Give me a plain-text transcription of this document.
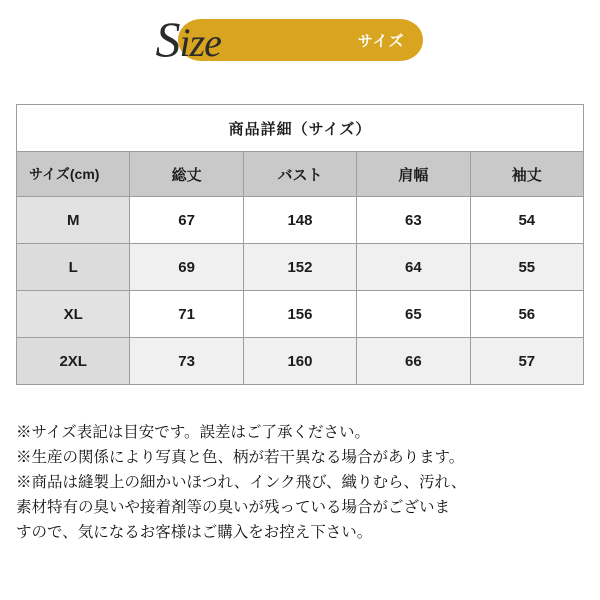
Size	サイズ
商品詳細（サイズ）				
サイズ(cm)	総丈	バスト	肩幅	袖丈
M	67	148	63	54
L	69	152	64	55
XL	71	156	65	56
2XL	73	160	66	57

※サイズ表記は目安です。誤差はご了承ください。

※生産の関係により写真と色、柄が若干異なる場合があります。

※商品は縫製上の細かいほつれ、インク飛び、織りむら、汚れ、

素材特有の臭いや接着剤等の臭いが残っている場合がございま

すので、気になるお客様はご購入をお控え下さい。
